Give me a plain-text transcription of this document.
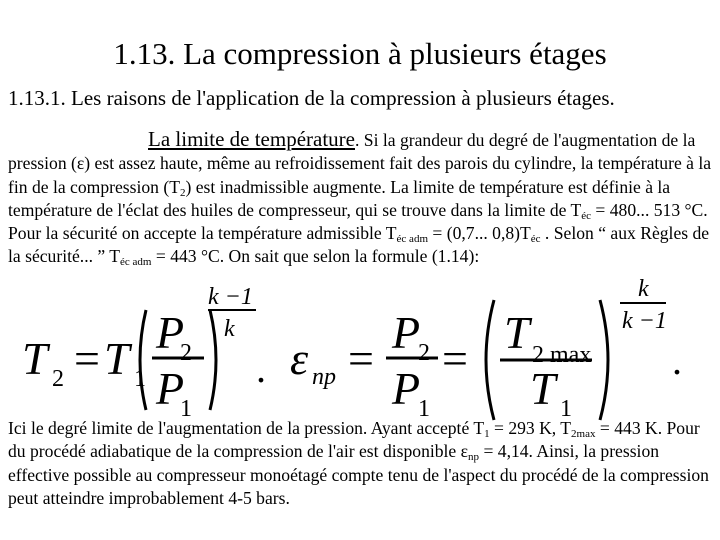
1.13. La compression à plusieurs étages
1.13.1. Les raisons de l'application de la compression à plusieurs étages.
La limite de température. Si la grandeur du degré de l'augmentation de la pression (ε) est assez haute, même au refroidissement fait des parois du cylindre, la température à la fin de la compression $(T_2)$ est inadmissible augmente. La limite de température est définie à la température de l'éclat des huiles de compresseur, qui se trouve dans la limite de $T_{éc} = 480$... 513 °C. Pour la sécurité on accepte la température admissible $T_{éc adm} = (0,7$... $0,8)T_{éc}$ . Selon “ aux Règles de la sécurité... ” $T_{éc adm} = 443$ °C. On sait que selon la formule (1.14):
T 2 = T 1
P
2
P
1
k −1
k
. ε np =
P
2
P
1
=
T 2 max
T 1
k
k −1
.
Ici le degré limite de l'augmentation de la pression. Ayant accepté $T_1 = 293$ K, $T_{2max} = 443$ K. Pour du procédé adiabatique de la compression de l'air est disponible $\varepsilon_{np} = 4,14$. Ainsi, la pression effective possible au compresseur monoétagé compte tenu de l'aspect du procédé de la compression peut atteindre improbablement 4-5 bars.
